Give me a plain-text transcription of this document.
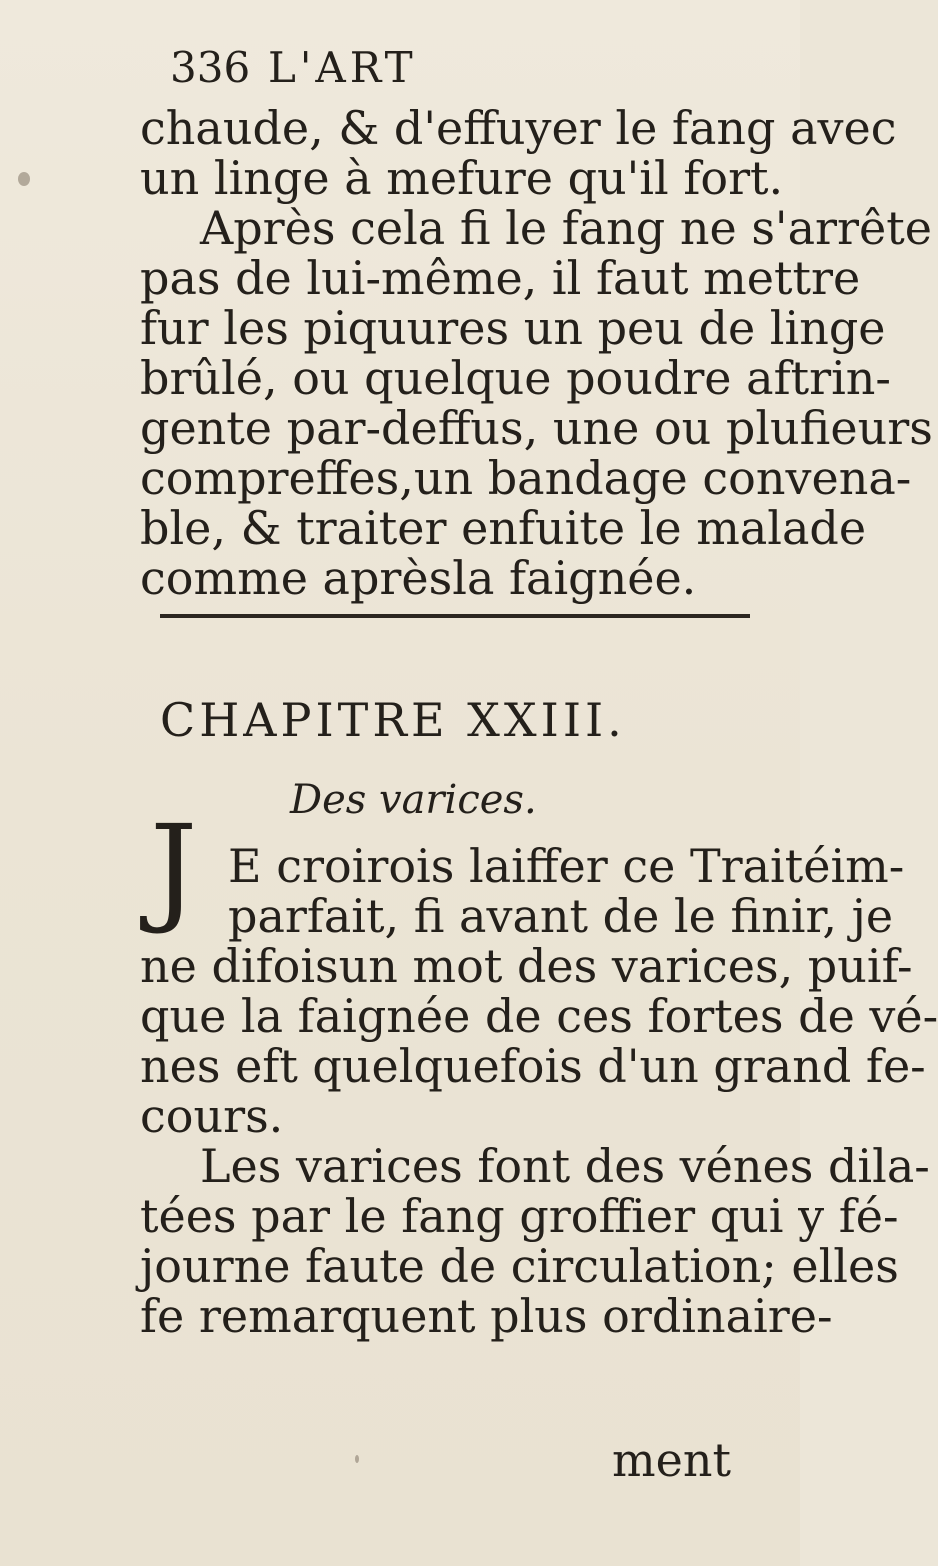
336 L'ART
chaude, & d'effuyer le fang avec
un linge à mefure qu'il fort.
Après cela fi le fang ne s'arrête
pas de lui-même, il faut mettre
fur les piquures un peu de linge
brûlé, ou quelque poudre aftrin-
gente par-deffus, une ou plufieurs
compreffes,un bandage convena-
ble, & traiter enfuite le malade
comme aprèsla faignée.
CHAPITRE XXIII.
Des varices.
J E croirois laiffer ce Traitéim-
parfait, fi avant de le finir, je
ne difoisun mot des varices, puif-
que la faignée de ces fortes de vé-
nes eft quelquefois d'un grand fe-
cours.
Les varices font des vénes dila-
tées par le fang groffier qui y fé-
journe faute de circulation; elles
fe remarquent plus ordinaire-
ment
